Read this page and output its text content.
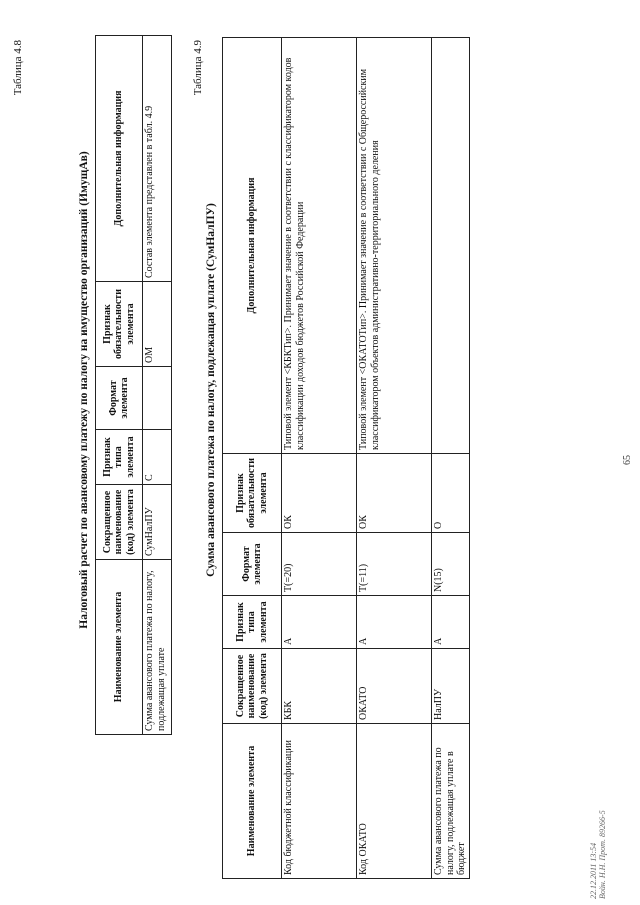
Таблица 4.8
Налоговый расчет по авансовому платежу по налогу на имущество организаций (ИмущАв)
Наименование элемента	Сокращенное наименование (код) элемента	Признак типа элемента	Формат элемента	Признак обязательности элемента	Дополнительная информация
Сумма авансового платежа по налогу, подлежащая уплате	СумНалПУ	С		ОМ	Состав элемента представлен в табл. 4.9
Таблица 4.9
Сумма авансового платежа по налогу, подлежащая уплате (СумНалПУ)
Наименование элемента	Сокращенное наименование (код) элемента	Признак типа элемента	Формат элемента	Признак обязательности элемента	Дополнительная информация
Код бюджетной классификации	КБК	А	T(=20)	ОК	Типовой элемент <КБКТип>. Принимает значение в соответствии с классификатором кодов классификации доходов бюджетов Российской Федерации
Код ОКАТО	ОКАТО	А	T(=11)	ОК	Типовой элемент <ОКАТОТип>. Принимает значение в соответствии с Общероссийским классификатором объектов административно-территориального деления
Сумма авансового платежа по налогу, подлежащая уплате в бюджет	НалПУ	А	N(15)	О	
65
22.12.2011 13:54 Войн. Н.Н. Прот. 89266-5
